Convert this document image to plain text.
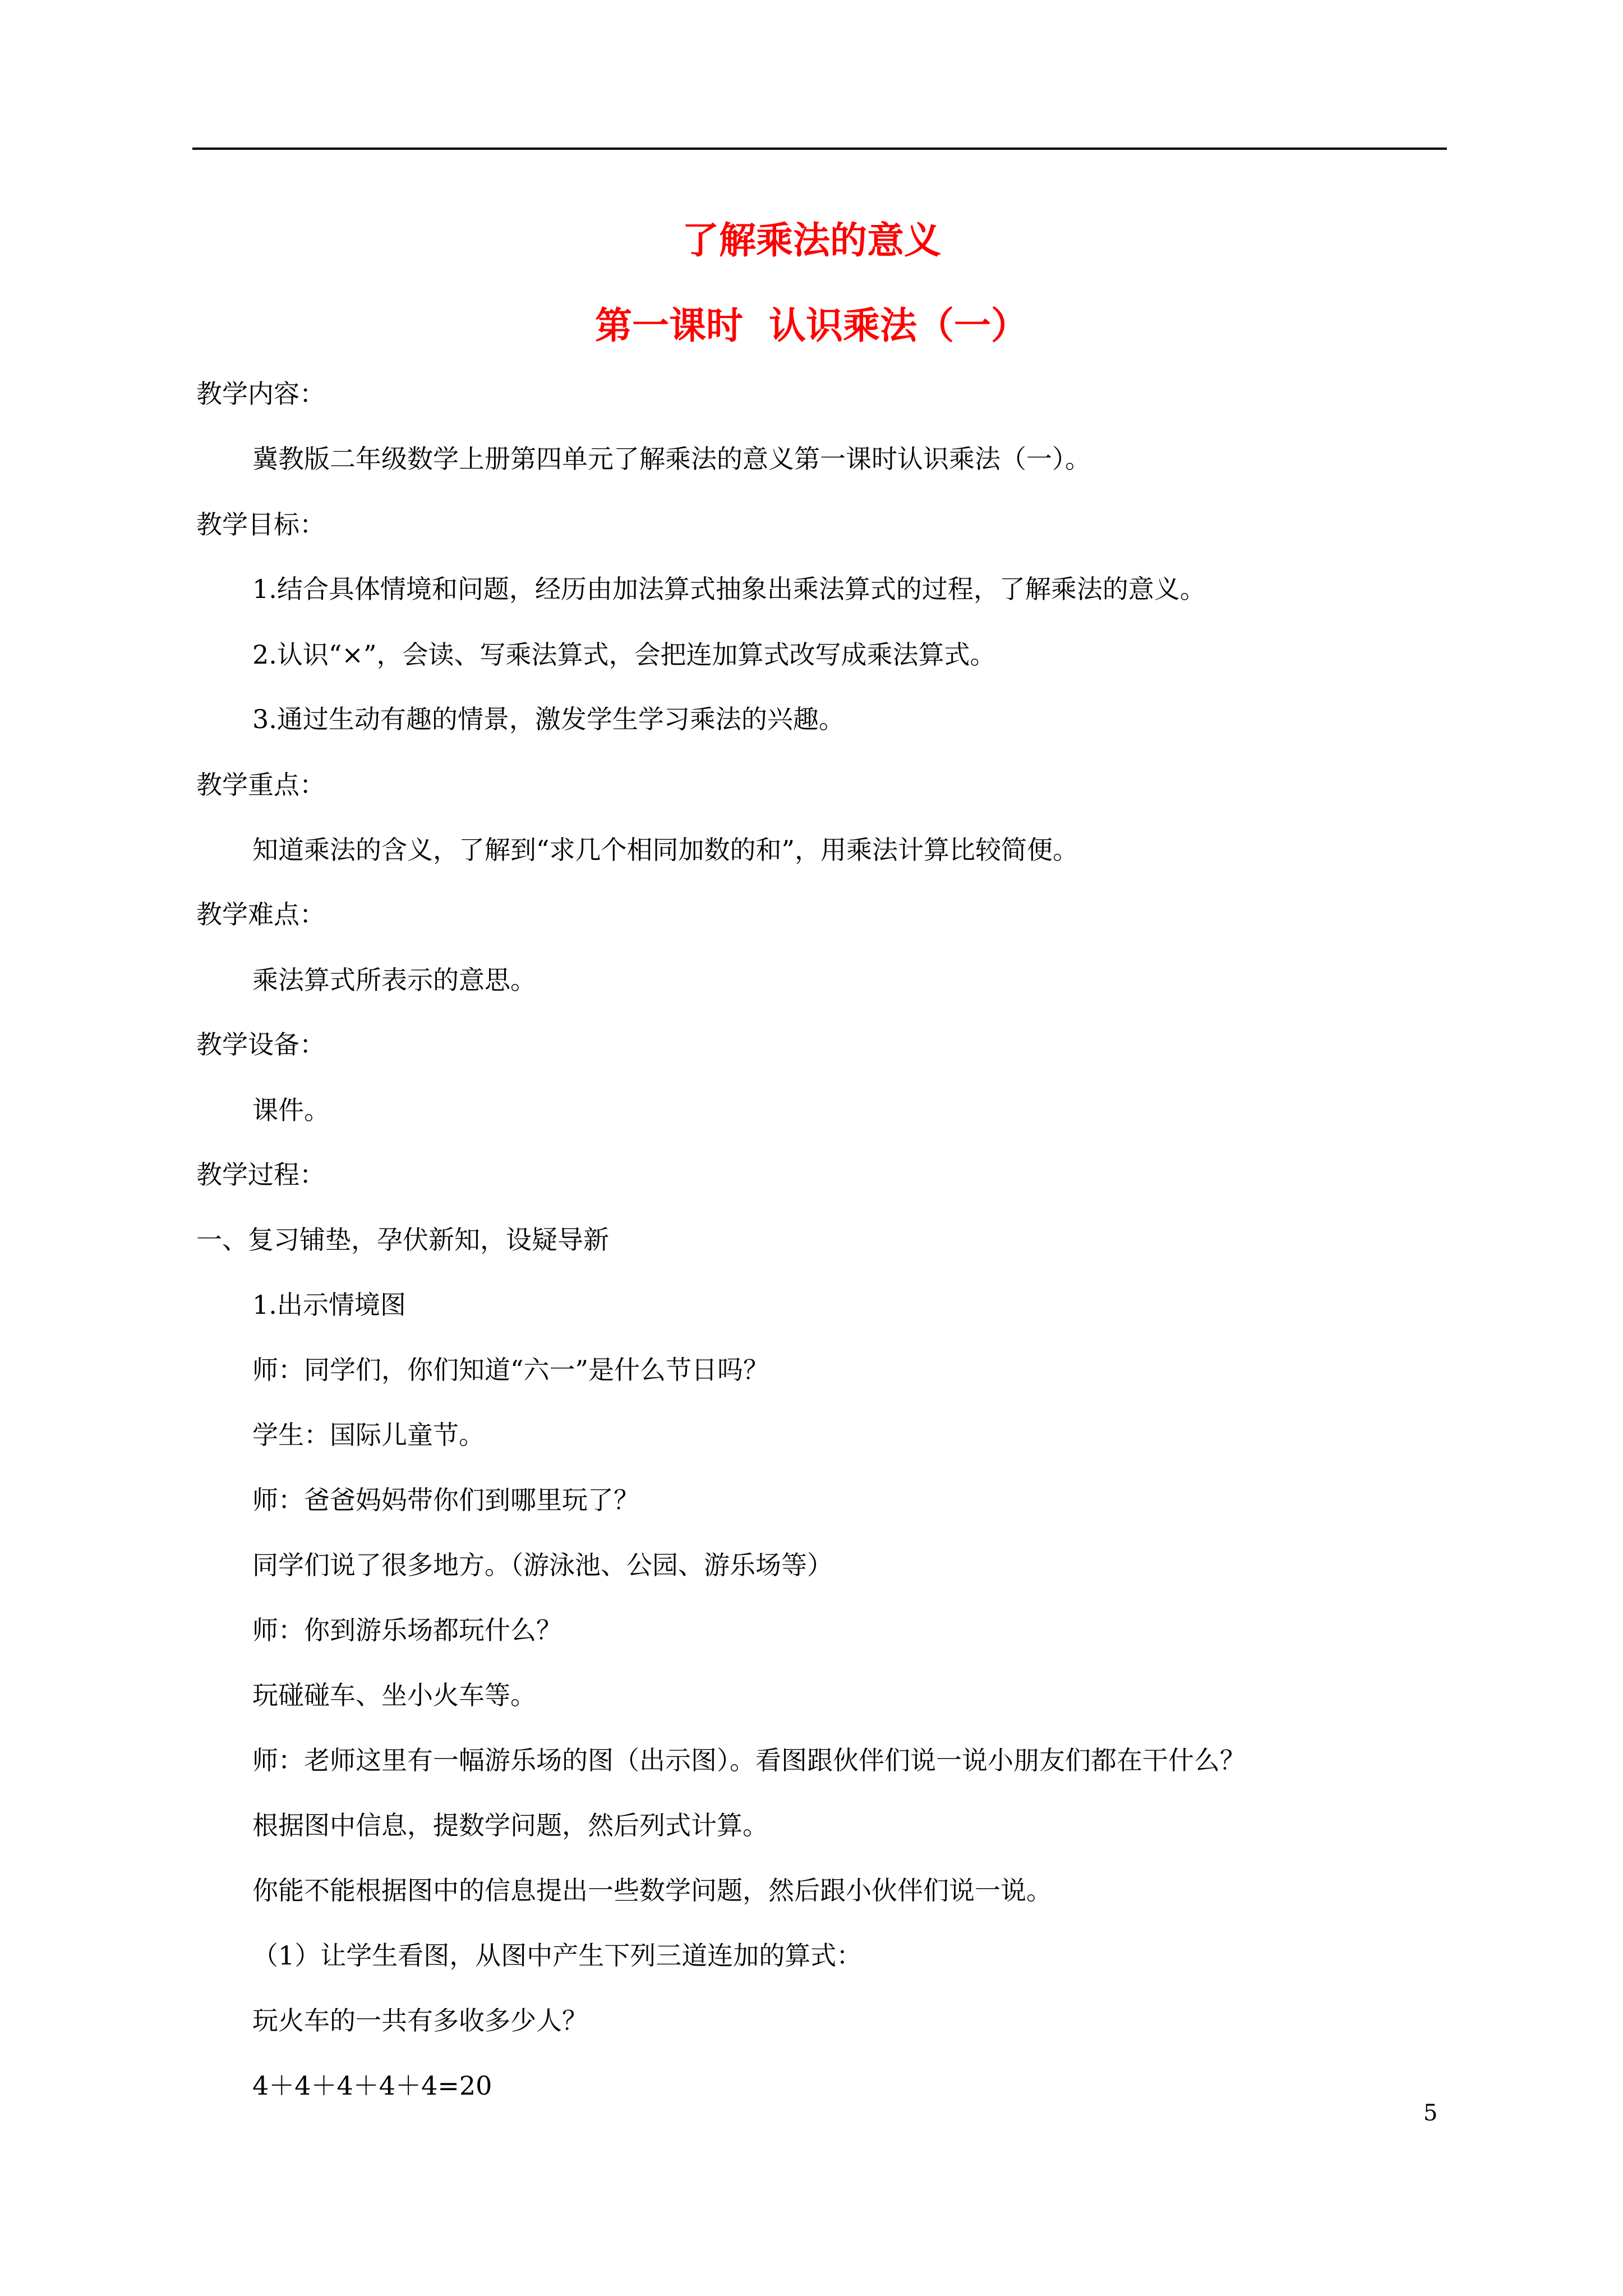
了解乘法的意义
第一课时  认识乘法（一）
教学内容：
冀教版二年级数学上册第四单元了解乘法的意义第一课时认识乘法（一）。
教学目标：
1.结合具体情境和问题，经历由加法算式抽象出乘法算式的过程，了解乘法的意义。
2.认识“×”，会读、写乘法算式，会把连加算式改写成乘法算式。
3.通过生动有趣的情景，激发学生学习乘法的兴趣。
教学重点：
知道乘法的含义，了解到“求几个相同加数的和”，用乘法计算比较简便。
教学难点：
乘法算式所表示的意思。
教学设备：
课件。
教学过程：
一、复习铺垫，孕伏新知，设疑导新
1.出示情境图
师：同学们，你们知道“六一”是什么节日吗？
学生：国际儿童节。
师：爸爸妈妈带你们到哪里玩了？
同学们说了很多地方。（游泳池、公园、游乐场等）
师：你到游乐场都玩什么？
玩碰碰车、坐小火车等。
师：老师这里有一幅游乐场的图（出示图）。看图跟伙伴们说一说小朋友们都在干什么？
根据图中信息，提数学问题，然后列式计算。
你能不能根据图中的信息提出一些数学问题，然后跟小伙伴们说一说。
（1）让学生看图，从图中产生下列三道连加的算式：
玩火车的一共有多收多少人？
4＋4＋4＋4＋4=20
5
